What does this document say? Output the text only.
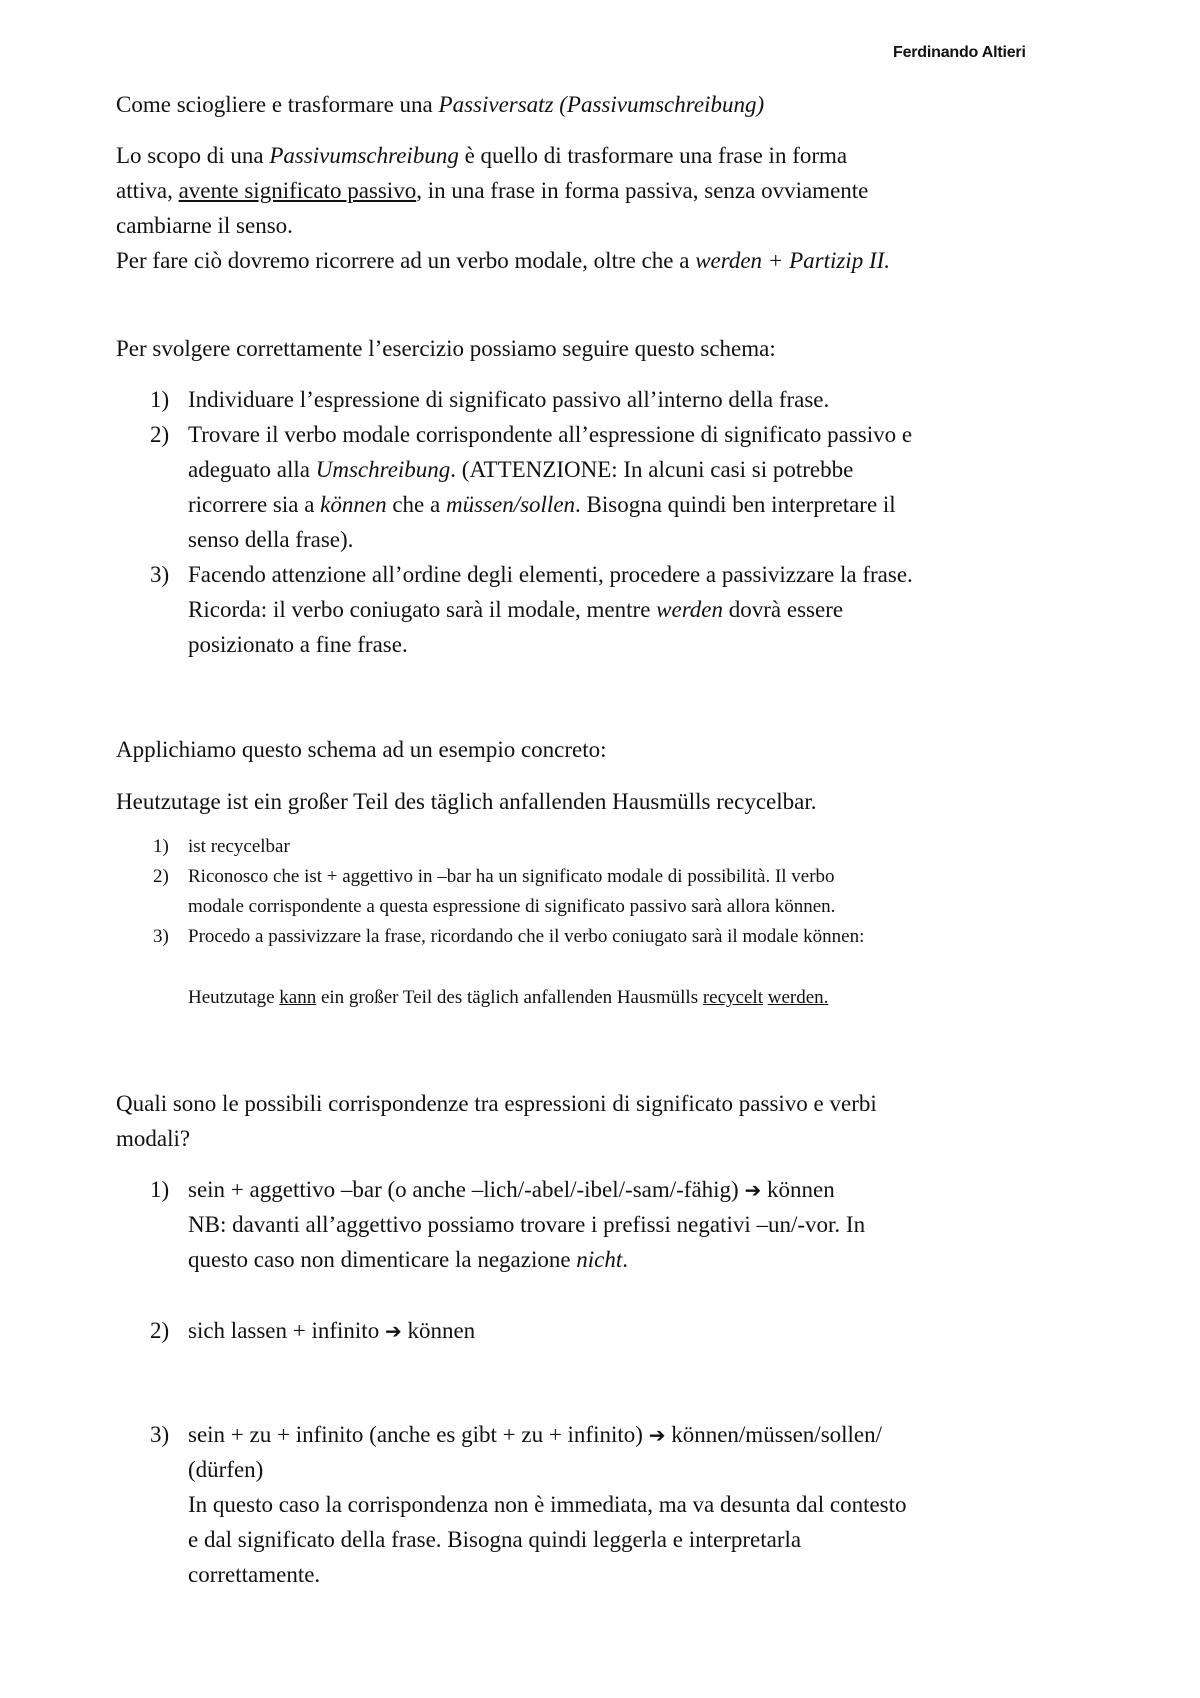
Ferdinando Altieri
Come sciogliere e trasformare una Passiversatz (Passivumschreibung)
Lo scopo di una Passivumschreibung è quello di trasformare una frase in forma
attiva, avente significato passivo, in una frase in forma passiva, senza ovviamente
cambiarne il senso.
Per fare ciò dovremo ricorrere ad un verbo modale, oltre che a werden + Partizip II.
Per svolgere correttamente l’esercizio possiamo seguire questo schema:
1) Individuare l’espressione di significato passivo all’interno della frase.
2) Trovare il verbo modale corrispondente all’espressione di significato passivo e
adeguato alla Umschreibung. (ATTENZIONE: In alcuni casi si potrebbe
ricorrere sia a können che a müssen/sollen. Bisogna quindi ben interpretare il
senso della frase).
3) Facendo attenzione all’ordine degli elementi, procedere a passivizzare la frase.
Ricorda: il verbo coniugato sarà il modale, mentre werden dovrà essere
posizionato a fine frase.
Applichiamo questo schema ad un esempio concreto:
Heutzutage ist ein großer Teil des täglich anfallenden Hausmülls recycelbar.
1) ist recycelbar
2) Riconosco che ist + aggettivo in –bar ha un significato modale di possibilità. Il verbo
modale corrispondente a questa espressione di significato passivo sarà allora können.
3) Procedo a passivizzare la frase, ricordando che il verbo coniugato sarà il modale können:
Heutzutage kann ein großer Teil des täglich anfallenden Hausmülls recycelt werden.
Quali sono le possibili corrispondenze tra espressioni di significato passivo e verbi
modali?
1) sein + aggettivo –bar (o anche –lich/-abel/-ibel/-sam/-fähig) ➔ können
NB: davanti all’aggettivo possiamo trovare i prefissi negativi –un/-vor. In
questo caso non dimenticare la negazione nicht.
2) sich lassen + infinito ➔ können
3) sein + zu + infinito (anche es gibt + zu + infinito) ➔ können/müssen/sollen/
(dürfen)
In questo caso la corrispondenza non è immediata, ma va desunta dal contesto
e dal significato della frase. Bisogna quindi leggerla e interpretarla
correttamente.
